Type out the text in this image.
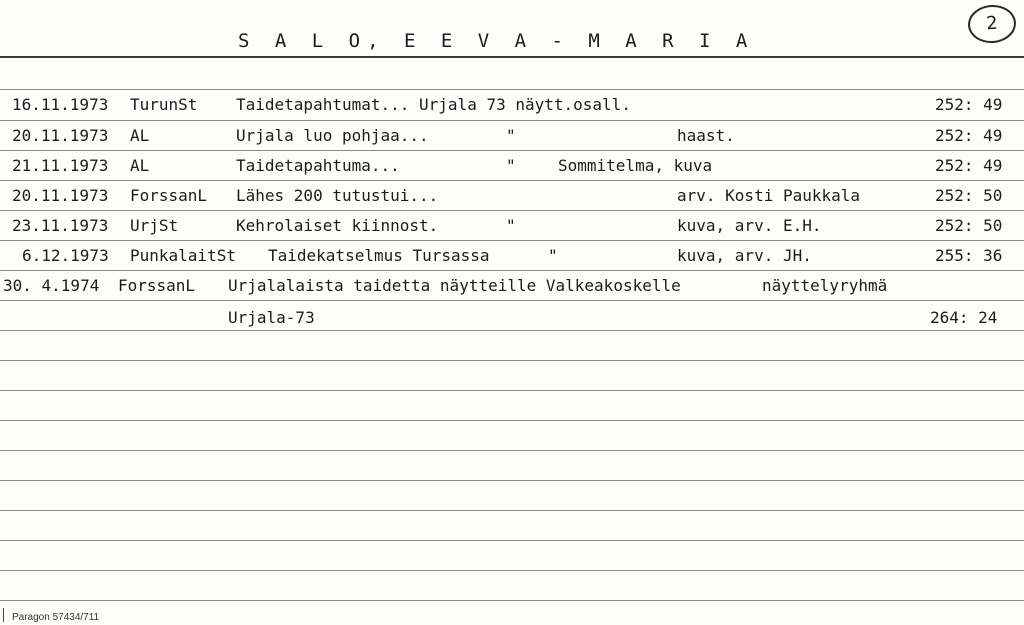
S A L O, E E V A - M A R I A
2
16.11.1973 TurunSt Taidetapahtumat... Urjala 73 näytt.osall.	252: 49
20.11.1973 AL	Urjala luo pohjaa...	"	haast.	252: 49
21.11.1973 AL	Taidetapahtuma...	"	Sommitelma, kuva	252: 49
20.11.1973 ForssanL Lähes 200 tutustui...	arv. Kosti Paukkala	252: 50
23.11.1973 UrjSt	Kehrolaiset kiinnost.	"	kuva, arv. E.H.	252: 50
6.12.1973 PunkalaitSt Taidekatselmus Tursassa	"	kuva, arv. JH.	255: 36
30. 4.1974 ForssanL Urjalalaista taidetta näytteille Valkeakoskelle	näyttelyryhmä
Urjala-73	264: 24
Paragon 57434/711
